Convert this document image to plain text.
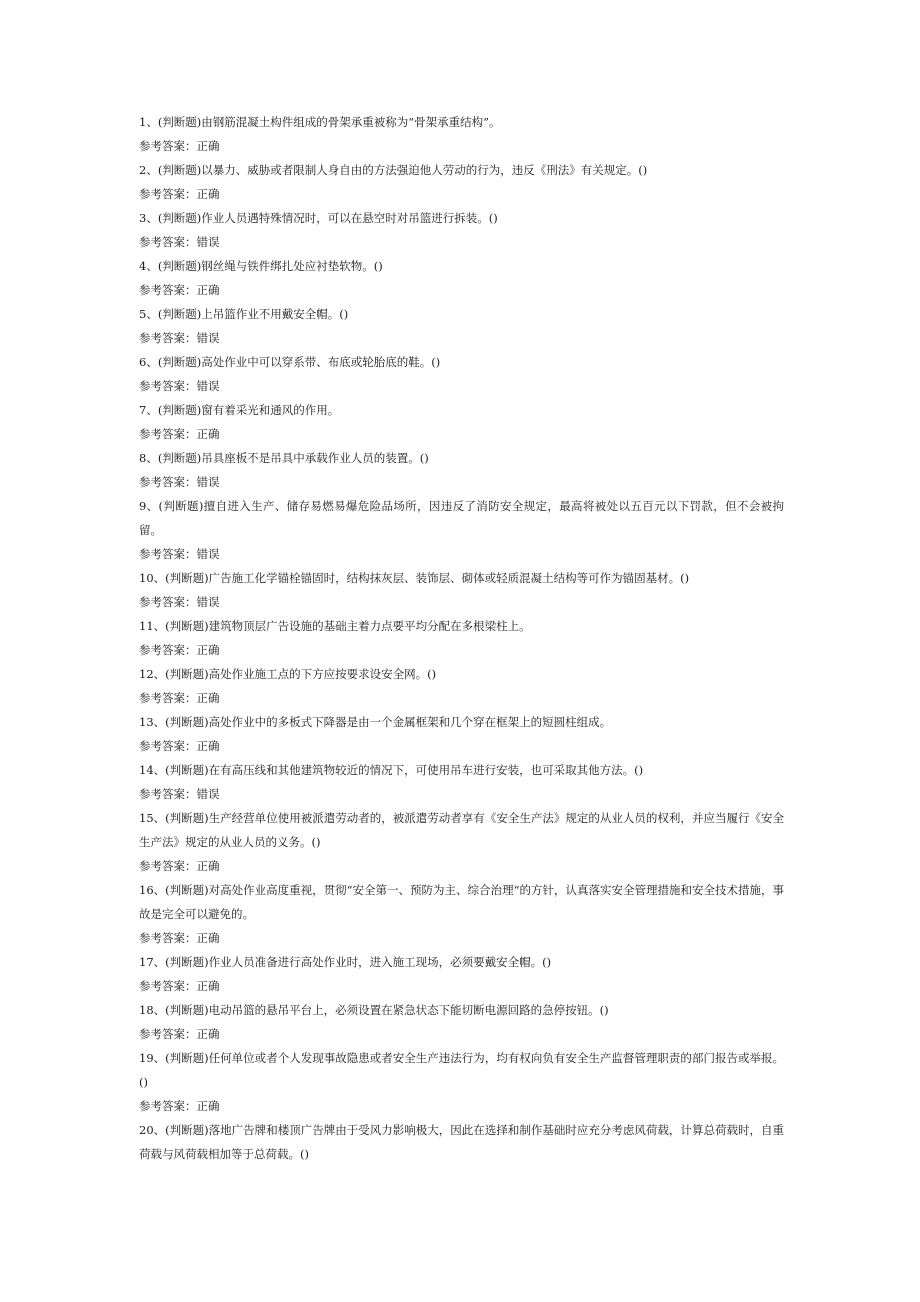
1、(判断题)由钢筋混凝土构件组成的骨架承重被称为“骨架承重结构”。

参考答案：正确

2、(判断题)以暴力、威胁或者限制人身自由的方法强迫他人劳动的行为，违反《刑法》有关规定。()

参考答案：正确

3、(判断题)作业人员遇特殊情况时，可以在悬空时对吊篮进行拆装。()

参考答案：错误

4、(判断题)钢丝绳与铁件绑扎处应衬垫软物。()

参考答案：正确

5、(判断题)上吊篮作业不用戴安全帽。()

参考答案：错误

6、(判断题)高处作业中可以穿系带、布底或轮胎底的鞋。()

参考答案：错误

7、(判断题)窗有着采光和通风的作用。

参考答案：正确

8、(判断题)吊具座板不是吊具中承载作业人员的装置。()

参考答案：错误

9、(判断题)擅自进入生产、储存易燃易爆危险品场所，因违反了消防安全规定，最高将被处以五百元以下罚款，但不会被拘留。

参考答案：错误

10、(判断题)广告施工化学锚栓锚固时，结构抹灰层、装饰层、砌体或轻质混凝土结构等可作为锚固基材。()

参考答案：错误

11、(判断题)建筑物顶层广告设施的基础主着力点要平均分配在多根梁柱上。

参考答案：正确

12、(判断题)高处作业施工点的下方应按要求设安全网。()

参考答案：正确

13、(判断题)高处作业中的多板式下降器是由一个金属框架和几个穿在框架上的短圆柱组成。

参考答案：正确

14、(判断题)在有高压线和其他建筑物较近的情况下，可使用吊车进行安装，也可采取其他方法。()

参考答案：错误

15、(判断题)生产经营单位使用被派遣劳动者的，被派遣劳动者享有《安全生产法》规定的从业人员的权利，并应当履行《安全生产法》规定的从业人员的义务。()

参考答案：正确

16、(判断题)对高处作业高度重视，贯彻“安全第一、预防为主、综合治理“的方针，认真落实安全管理措施和安全技术措施，事故是完全可以避免的。

参考答案：正确

17、(判断题)作业人员准备进行高处作业时，进入施工现场，必须要戴安全帽。()

参考答案：正确

18、(判断题)电动吊篮的悬吊平台上，必须设置在紧急状态下能切断电源回路的急停按钮。()

参考答案：正确

19、(判断题)任何单位或者个人发现事故隐患或者安全生产违法行为，均有权向负有安全生产监督管理职责的部门报告或举报。()

参考答案：正确

20、(判断题)落地广告牌和楼顶广告牌由于受风力影响极大，因此在选择和制作基础时应充分考虑风荷载，计算总荷载时，自重荷载与风荷载相加等于总荷载。()
